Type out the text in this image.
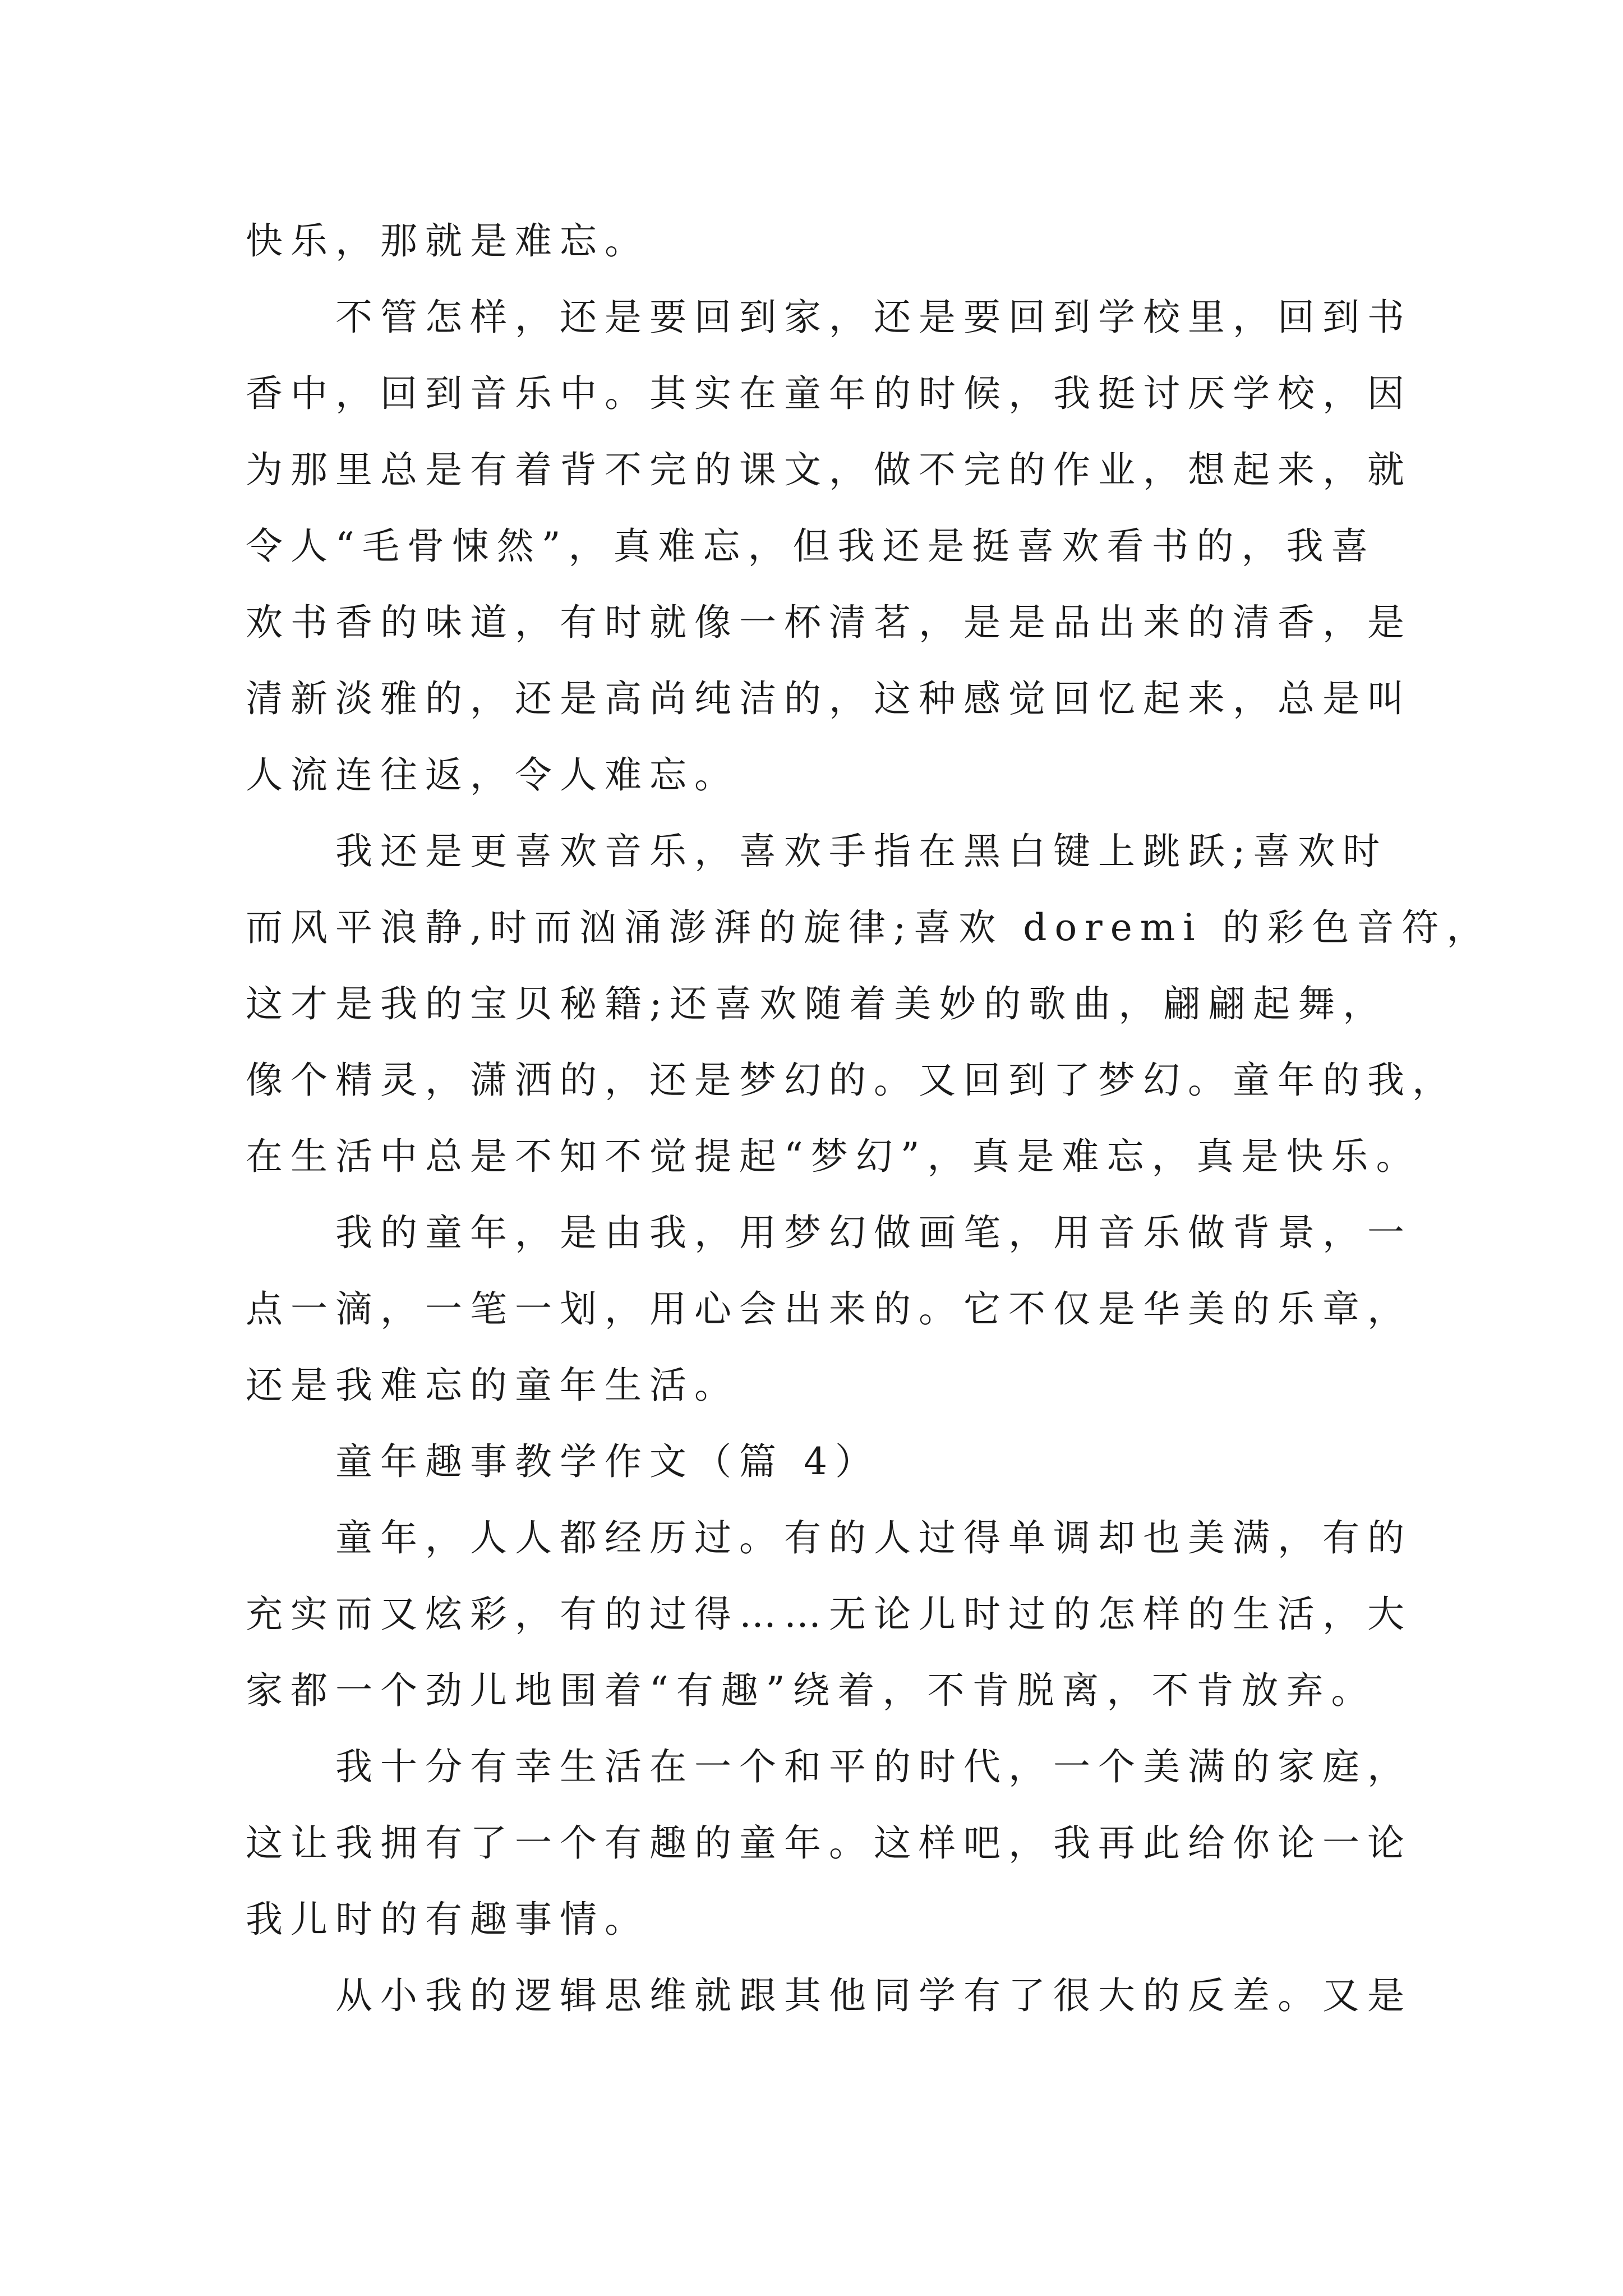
快乐，那就是难忘。
不管怎样，还是要回到家，还是要回到学校里，回到书
香中，回到音乐中。其实在童年的时候，我挺讨厌学校，因
为那里总是有着背不完的课文，做不完的作业，想起来，就
令人“毛骨悚然”，真难忘，但我还是挺喜欢看书的，我喜
欢书香的味道，有时就像一杯清茗，是是品出来的清香，是
清新淡雅的，还是高尚纯洁的，这种感觉回忆起来，总是叫
人流连往返，令人难忘。
我还是更喜欢音乐，喜欢手指在黑白键上跳跃;喜欢时
而风平浪静,时而汹涌澎湃的旋律;喜欢 doremi 的彩色音符，
这才是我的宝贝秘籍;还喜欢随着美妙的歌曲，翩翩起舞，
像个精灵，潇洒的，还是梦幻的。又回到了梦幻。童年的我，
在生活中总是不知不觉提起“梦幻”，真是难忘，真是快乐。
我的童年，是由我，用梦幻做画笔，用音乐做背景，一
点一滴，一笔一划，用心会出来的。它不仅是华美的乐章，
还是我难忘的童年生活。
童年趣事教学作文（篇 4）
童年，人人都经历过。有的人过得单调却也美满，有的
充实而又炫彩，有的过得……无论儿时过的怎样的生活，大
家都一个劲儿地围着“有趣”绕着，不肯脱离，不肯放弃。
我十分有幸生活在一个和平的时代，一个美满的家庭，
这让我拥有了一个有趣的童年。这样吧，我再此给你论一论
我儿时的有趣事情。
从小我的逻辑思维就跟其他同学有了很大的反差。又是
